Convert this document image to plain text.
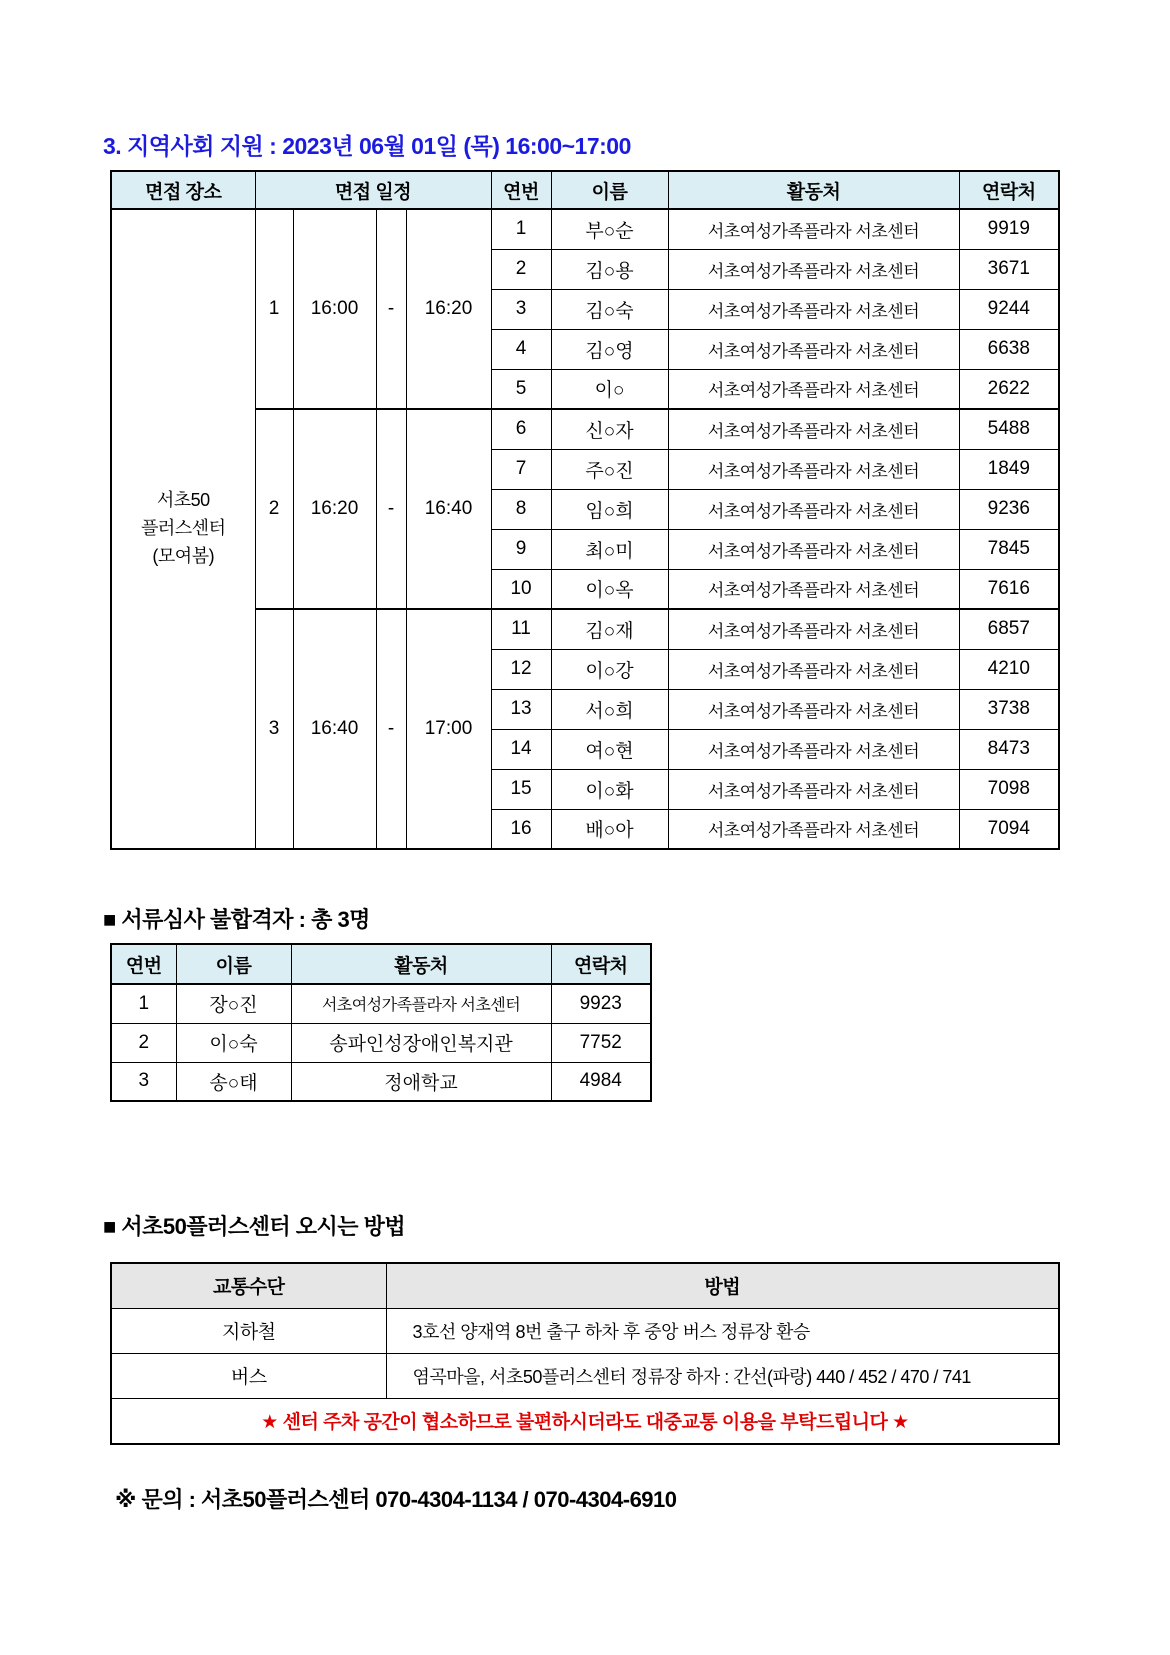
3. 지역사회 지원 : 2023년 06월 01일 (목) 16:00~17:00
면접 장소	면접 일정				연번	이름	활동처	연락처

서초50
플러스센터
(모여봄)	1	16:00	-	16:20	1	부○순	서초여성가족플라자 서초센터	9919
					2	김○용	서초여성가족플라자 서초센터	3671
					3	김○숙	서초여성가족플라자 서초센터	9244
					4	김○영	서초여성가족플라자 서초센터	6638
					5	이○	서초여성가족플라자 서초센터	2622
	2	16:20	-	16:40	6	신○자	서초여성가족플라자 서초센터	5488
					7	주○진	서초여성가족플라자 서초센터	1849
					8	임○희	서초여성가족플라자 서초센터	9236
					9	최○미	서초여성가족플라자 서초센터	7845
					10	이○옥	서초여성가족플라자 서초센터	7616
	3	16:40	-	17:00	11	김○재	서초여성가족플라자 서초센터	6857
					12	이○강	서초여성가족플라자 서초센터	4210
					13	서○희	서초여성가족플라자 서초센터	3738
					14	여○현	서초여성가족플라자 서초센터	8473
					15	이○화	서초여성가족플라자 서초센터	7098
					16	배○아	서초여성가족플라자 서초센터	7094
■ 서류심사 불합격자 : 총 3명
연번	이름	활동처	연락처
1	장○진	서초여성가족플라자 서초센터	9923
2	이○숙	송파인성장애인복지관	7752
3	송○태	정애학교	4984
■ 서초50플러스센터 오시는 방법
교통수단	방법
지하철	3호선 양재역 8번 출구 하차 후 중앙 버스 정류장 환승
버스	염곡마을, 서초50플러스센터 정류장 하자 : 간선(파랑) 440 / 452 / 470 / 741
★ 센터 주차 공간이 협소하므로 불편하시더라도 대중교통 이용을 부탁드립니다 ★	

※ 문의 : 서초50플러스센터 070-4304-1134 / 070-4304-6910
